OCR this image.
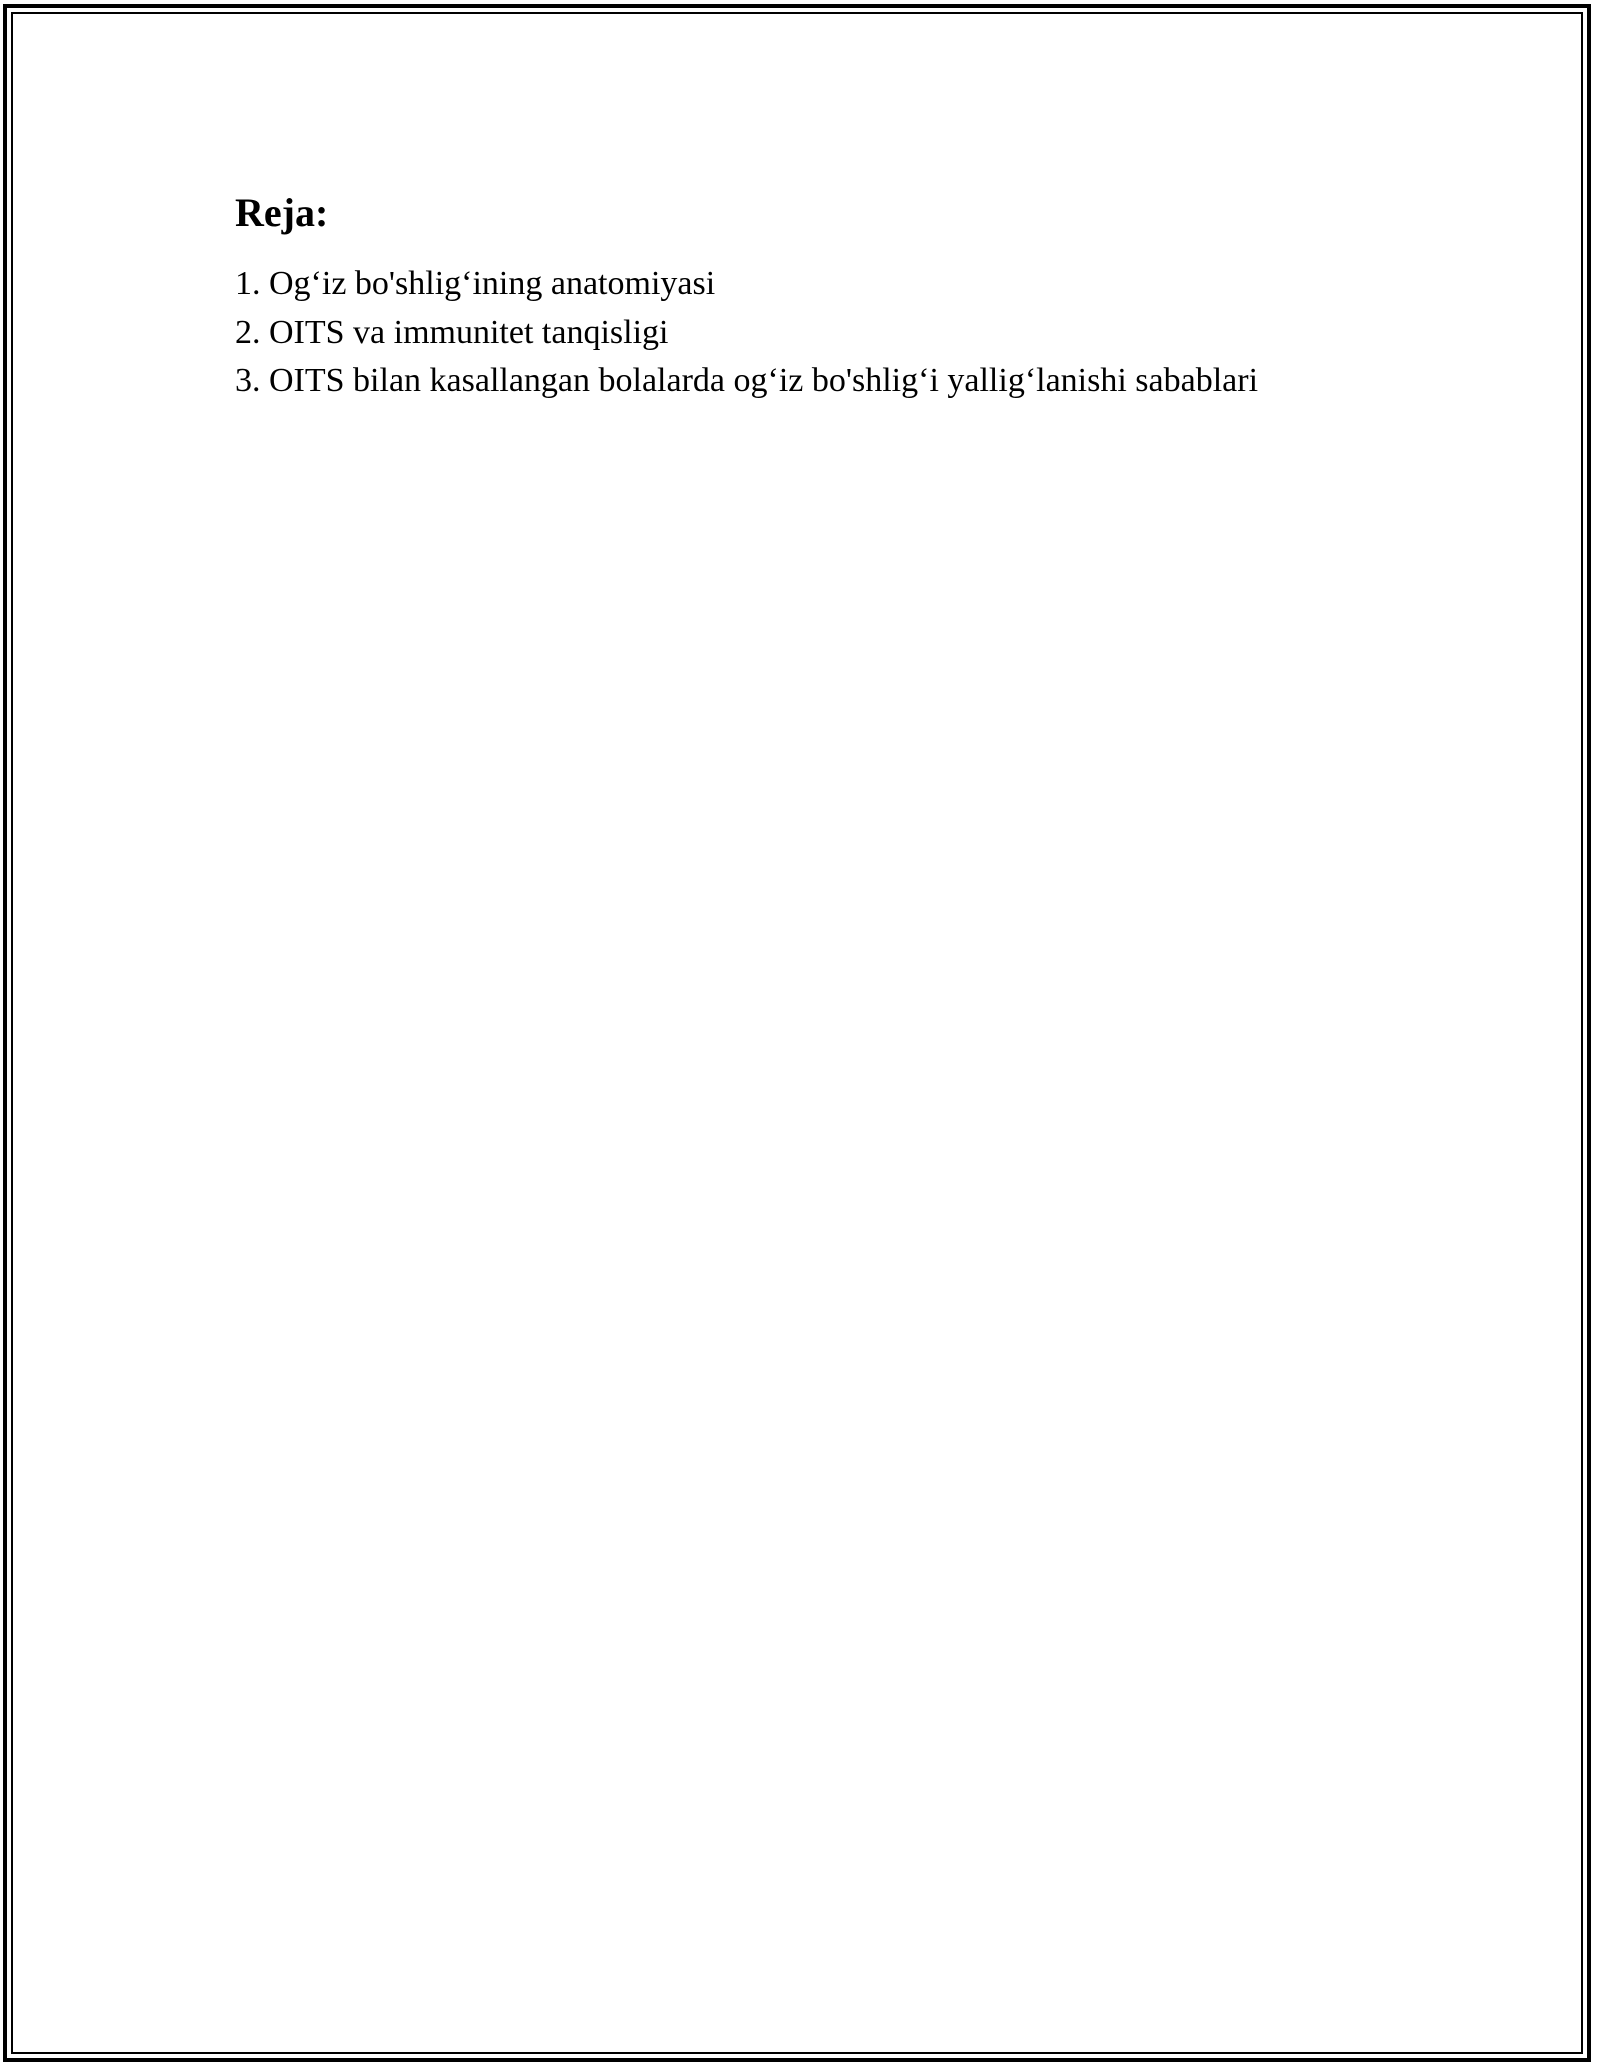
Reja:
1. Og‘iz bo'shlig‘ining anatomiyasi
2. OITS va immunitet tanqisligi
3. OITS bilan kasallangan bolalarda og‘iz bo'shlig‘i yallig‘lanishi sabablari
